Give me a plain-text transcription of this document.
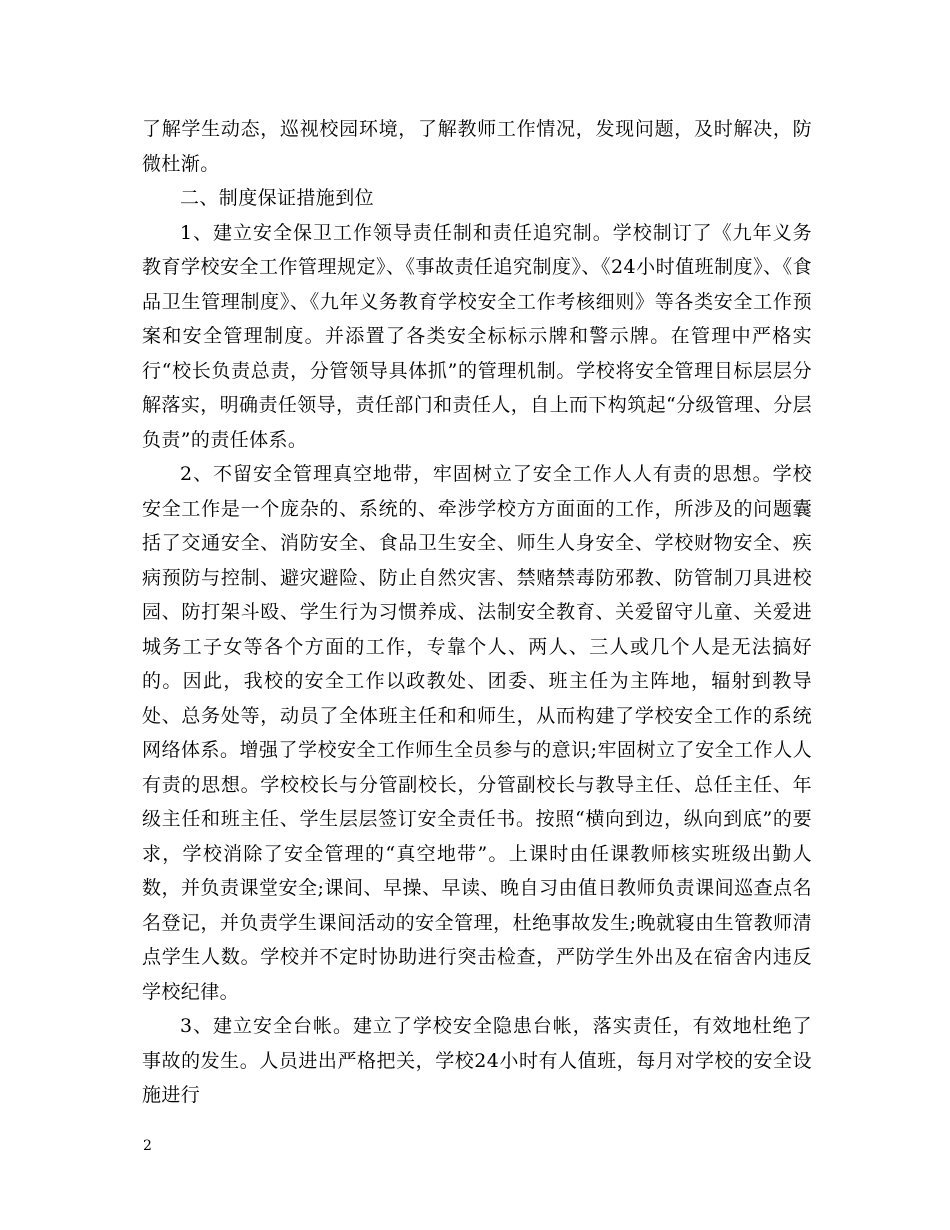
了解学生动态，巡视校园环境，了解教师工作情况，发现问题，及时解决，防微杜渐。

二、制度保证措施到位

1、建立安全保卫工作领导责任制和责任追究制。学校制订了《九年义务教育学校安全工作管理规定》、《事故责任追究制度》、《24小时值班制度》、《食品卫生管理制度》、《九年义务教育学校安全工作考核细则》等各类安全工作预案和安全管理制度。并添置了各类安全标标示牌和警示牌。在管理中严格实行“校长负责总责，分管领导具体抓”的管理机制。学校将安全管理目标层层分解落实，明确责任领导，责任部门和责任人，自上而下构筑起“分级管理、分层负责”的责任体系。

2、不留安全管理真空地带，牢固树立了安全工作人人有责的思想。学校安全工作是一个庞杂的、系统的、牵涉学校方方面面的工作，所涉及的问题囊括了交通安全、消防安全、食品卫生安全、师生人身安全、学校财物安全、疾病预防与控制、避灾避险、防止自然灾害、禁赌禁毒防邪教、防管制刀具进校园、防打架斗殴、学生行为习惯养成、法制安全教育、关爱留守儿童、关爱进城务工子女等各个方面的工作，专靠个人、两人、三人或几个人是无法搞好的。因此，我校的安全工作以政教处、团委、班主任为主阵地，辐射到教导处、总务处等，动员了全体班主任和和师生，从而构建了学校安全工作的系统网络体系。增强了学校安全工作师生全员参与的意识;牢固树立了安全工作人人有责的思想。学校校长与分管副校长，分管副校长与教导主任、总任主任、年级主任和班主任、学生层层签订安全责任书。按照“横向到边，纵向到底”的要求，学校消除了安全管理的“真空地带”。上课时由任课教师核实班级出勤人数，并负责课堂安全;课间、早操、早读、晚自习由值日教师负责课间巡查点名名登记，并负责学生课间活动的安全管理，杜绝事故发生;晚就寝由生管教师清点学生人数。学校并不定时协助进行突击检查，严防学生外出及在宿舍内违反学校纪律。

3、建立安全台帐。建立了学校安全隐患台帐，落实责任，有效地杜绝了事故的发生。人员进出严格把关，学校24小时有人值班，每月对学校的安全设施进行

2
